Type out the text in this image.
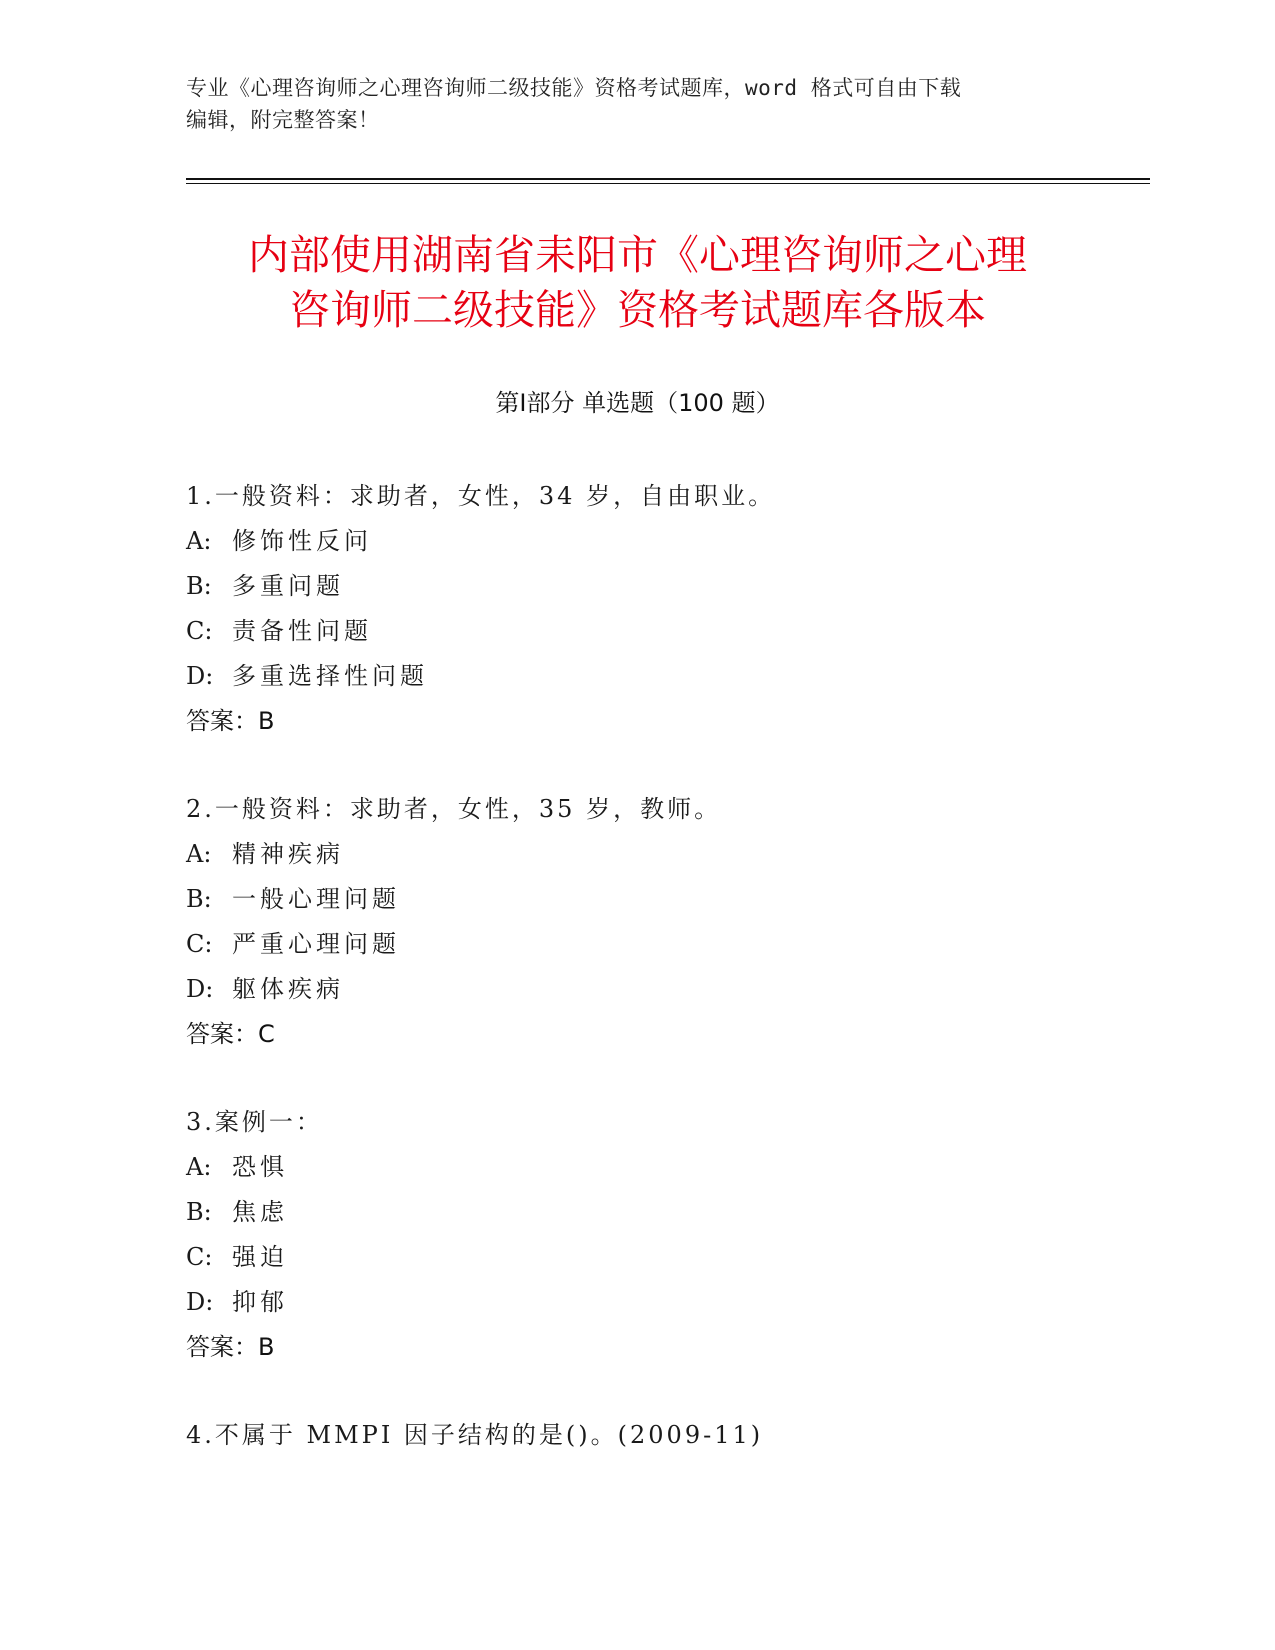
专业《心理咨询师之心理咨询师二级技能》资格考试题库，word 格式可自由下载
编辑，附完整答案！
内部使用湖南省耒阳市《心理咨询师之心理
咨询师二级技能》资格考试题库各版本
第Ⅰ部分 单选题（100 题）
1.一般资料：求助者，女性，34 岁，自由职业。
A: 修饰性反问
B: 多重问题
C: 责备性问题
D: 多重选择性问题
答案：B
2.一般资料：求助者，女性，35 岁，教师。
A: 精神疾病
B: 一般心理问题
C: 严重心理问题
D: 躯体疾病
答案：C
3.案例一：
A: 恐惧
B: 焦虑
C: 强迫
D: 抑郁
答案：B
4.不属于 MMPI 因子结构的是()。(2009-11)
